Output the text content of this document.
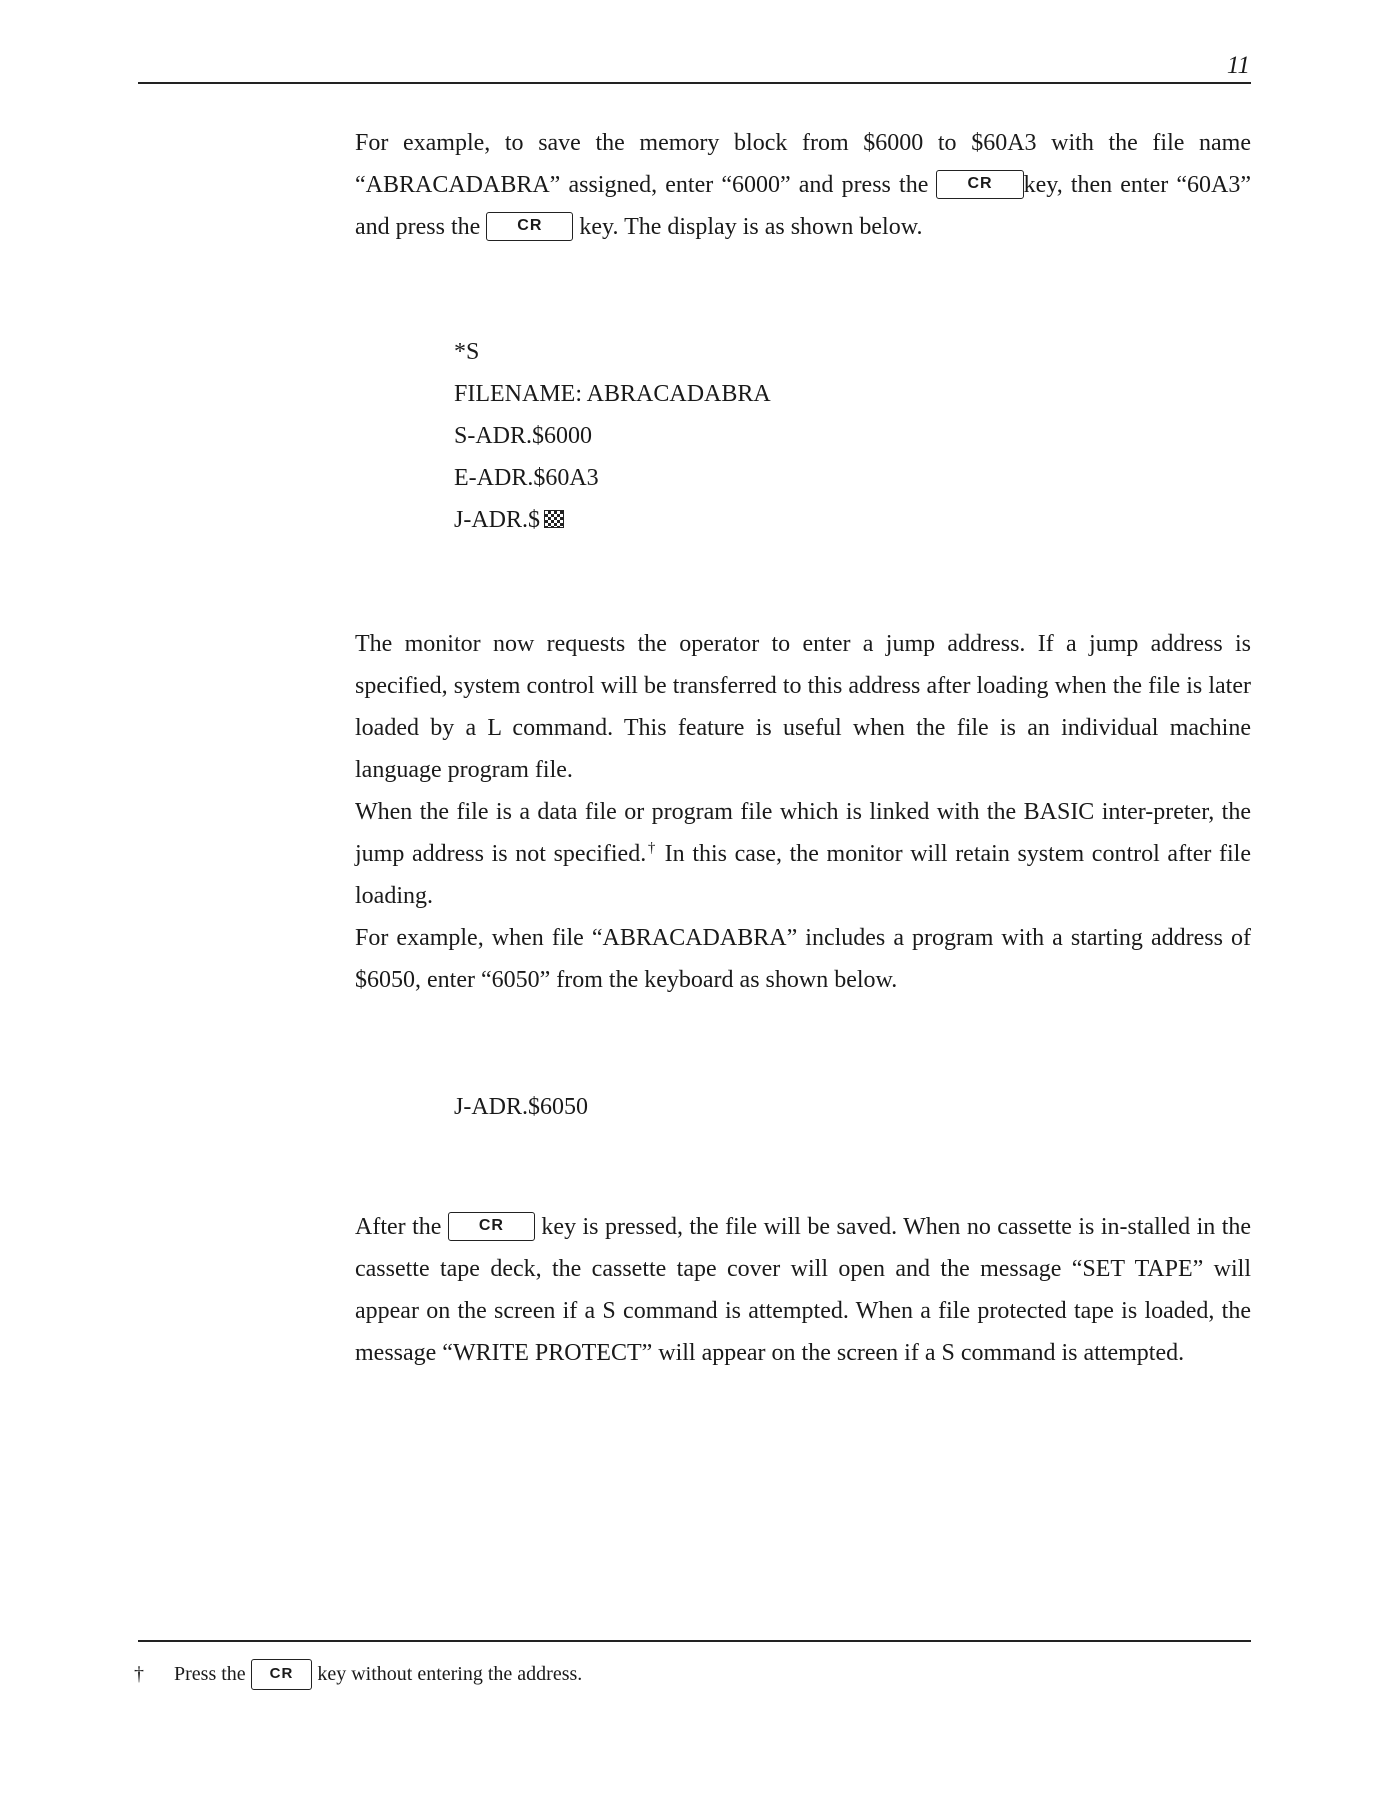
11

For example, to save the memory block from $6000 to $60A3 with the file name “ABRACADABRA” assigned, enter “6000” and press the CR key, then enter “60A3” and press the CR key. The display is as shown below.

*S
FILENAME: ABRACADABRA
S-ADR.$6000
E-ADR.$60A3
J-ADR.$

The monitor now requests the operator to enter a jump address. If a jump address is specified, system control will be transferred to this address after loading when the file is later loaded by a L command. This feature is useful when the file is an individual machine language program file.
When the file is a data file or program file which is linked with the BASIC inter-preter, the jump address is not specified.† In this case, the monitor will retain system control after file loading.
For example, when file “ABRACADABRA” includes a program with a starting address of $6050, enter “6050” from the keyboard as shown below.

J-ADR.$6050

After the CR key is pressed, the file will be saved. When no cassette is in-stalled in the cassette tape deck, the cassette tape cover will open and the message “SET TAPE” will appear on the screen if a S command is attempted. When a file protected tape is loaded, the message “WRITE PROTECT” will appear on the screen if a S command is attempted.

† Press the CR key without entering the address.
